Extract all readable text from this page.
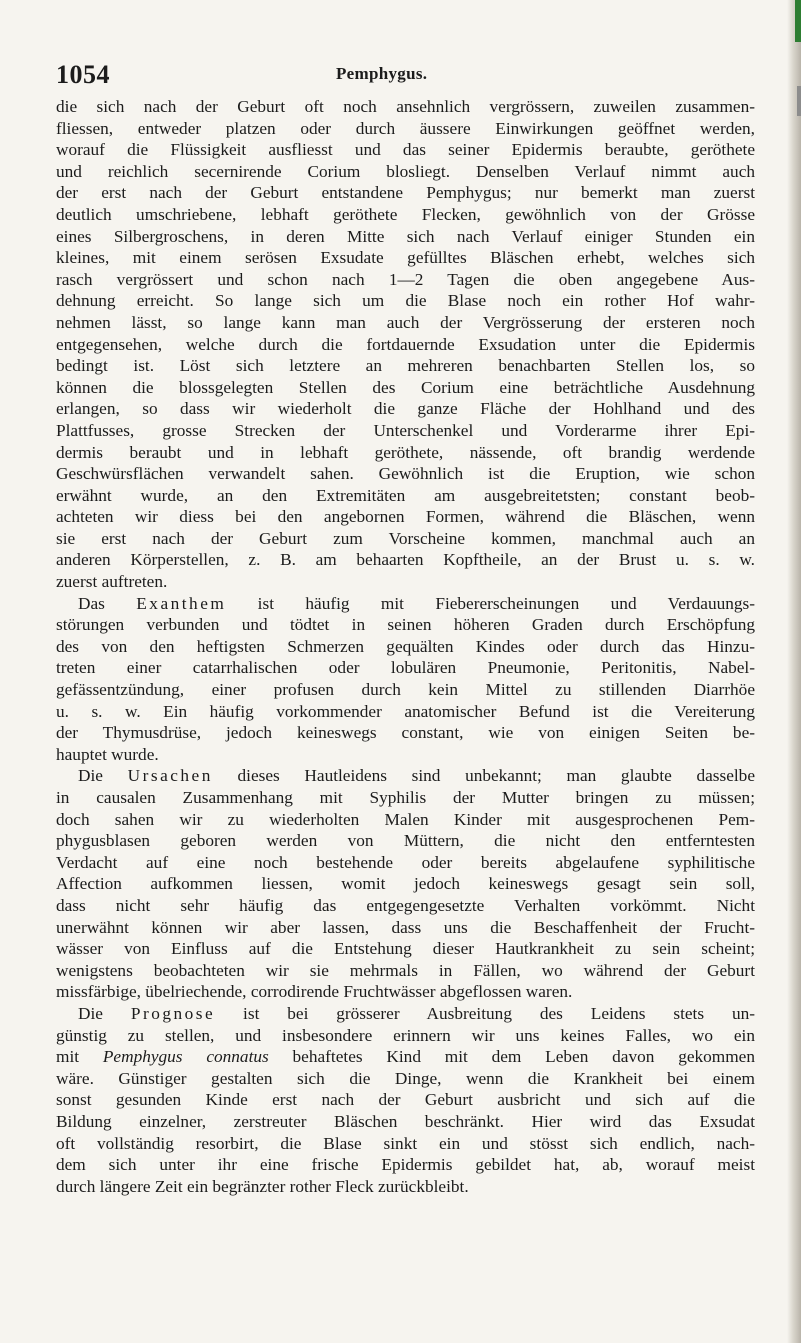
1054	Pemphygus.
die sich nach der Geburt oft noch ansehnlich vergrössern, zuweilen zusammen-
fliessen, entweder platzen oder durch äussere Einwirkungen geöffnet werden,
worauf die Flüssigkeit ausfliesst und das seiner Epidermis beraubte, geröthete
und reichlich secernirende Corium blosliegt. Denselben Verlauf nimmt auch
der erst nach der Geburt entstandene Pemphygus; nur bemerkt man zuerst
deutlich umschriebene, lebhaft geröthete Flecken, gewöhnlich von der Grösse
eines Silbergroschens, in deren Mitte sich nach Verlauf einiger Stunden ein
kleines, mit einem serösen Exsudate gefülltes Bläschen erhebt, welches sich
rasch vergrössert und schon nach 1—2 Tagen die oben angegebene Aus-
dehnung erreicht. So lange sich um die Blase noch ein rother Hof wahr-
nehmen lässt, so lange kann man auch der Vergrösserung der ersteren noch
entgegensehen, welche durch die fortdauernde Exsudation unter die Epidermis
bedingt ist. Löst sich letztere an mehreren benachbarten Stellen los, so
können die blossgelegten Stellen des Corium eine beträchtliche Ausdehnung
erlangen, so dass wir wiederholt die ganze Fläche der Hohlhand und des
Plattfusses, grosse Strecken der Unterschenkel und Vorderarme ihrer Epi-
dermis beraubt und in lebhaft geröthete, nässende, oft brandig werdende
Geschwürsflächen verwandelt sahen. Gewöhnlich ist die Eruption, wie schon
erwähnt wurde, an den Extremitäten am ausgebreitetsten; constant beob-
achteten wir diess bei den angebornen Formen, während die Bläschen, wenn
sie erst nach der Geburt zum Vorscheine kommen, manchmal auch an
anderen Körperstellen, z. B. am behaarten Kopftheile, an der Brust u. s. w.
zuerst auftreten.
Das Exanthem ist häufig mit Fiebererscheinungen und Verdauungs-
störungen verbunden und tödtet in seinen höheren Graden durch Erschöpfung
des von den heftigsten Schmerzen gequälten Kindes oder durch das Hinzu-
treten einer catarrhalischen oder lobulären Pneumonie, Peritonitis, Nabel-
gefässentzündung, einer profusen durch kein Mittel zu stillenden Diarrhöe
u. s. w. Ein häufig vorkommender anatomischer Befund ist die Vereiterung
der Thymusdrüse, jedoch keineswegs constant, wie von einigen Seiten be-
hauptet wurde.
Die Ursachen dieses Hautleidens sind unbekannt; man glaubte dasselbe
in causalen Zusammenhang mit Syphilis der Mutter bringen zu müssen;
doch sahen wir zu wiederholten Malen Kinder mit ausgesprochenen Pem-
phygusblasen geboren werden von Müttern, die nicht den entferntesten
Verdacht auf eine noch bestehende oder bereits abgelaufene syphilitische
Affection aufkommen liessen, womit jedoch keineswegs gesagt sein soll,
dass nicht sehr häufig das entgegengesetzte Verhalten vorkömmt. Nicht
unerwähnt können wir aber lassen, dass uns die Beschaffenheit der Frucht-
wässer von Einfluss auf die Entstehung dieser Hautkrankheit zu sein scheint;
wenigstens beobachteten wir sie mehrmals in Fällen, wo während der Geburt
missfärbige, übelriechende, corrodirende Fruchtwässer abgeflossen waren.
Die Prognose ist bei grösserer Ausbreitung des Leidens stets un-
günstig zu stellen, und insbesondere erinnern wir uns keines Falles, wo ein
mit Pemphygus connatus behaftetes Kind mit dem Leben davon gekommen
wäre. Günstiger gestalten sich die Dinge, wenn die Krankheit bei einem
sonst gesunden Kinde erst nach der Geburt ausbricht und sich auf die
Bildung einzelner, zerstreuter Bläschen beschränkt. Hier wird das Exsudat
oft vollständig resorbirt, die Blase sinkt ein und stösst sich endlich, nach-
dem sich unter ihr eine frische Epidermis gebildet hat, ab, worauf meist
durch längere Zeit ein begränzter rother Fleck zurückbleibt.
